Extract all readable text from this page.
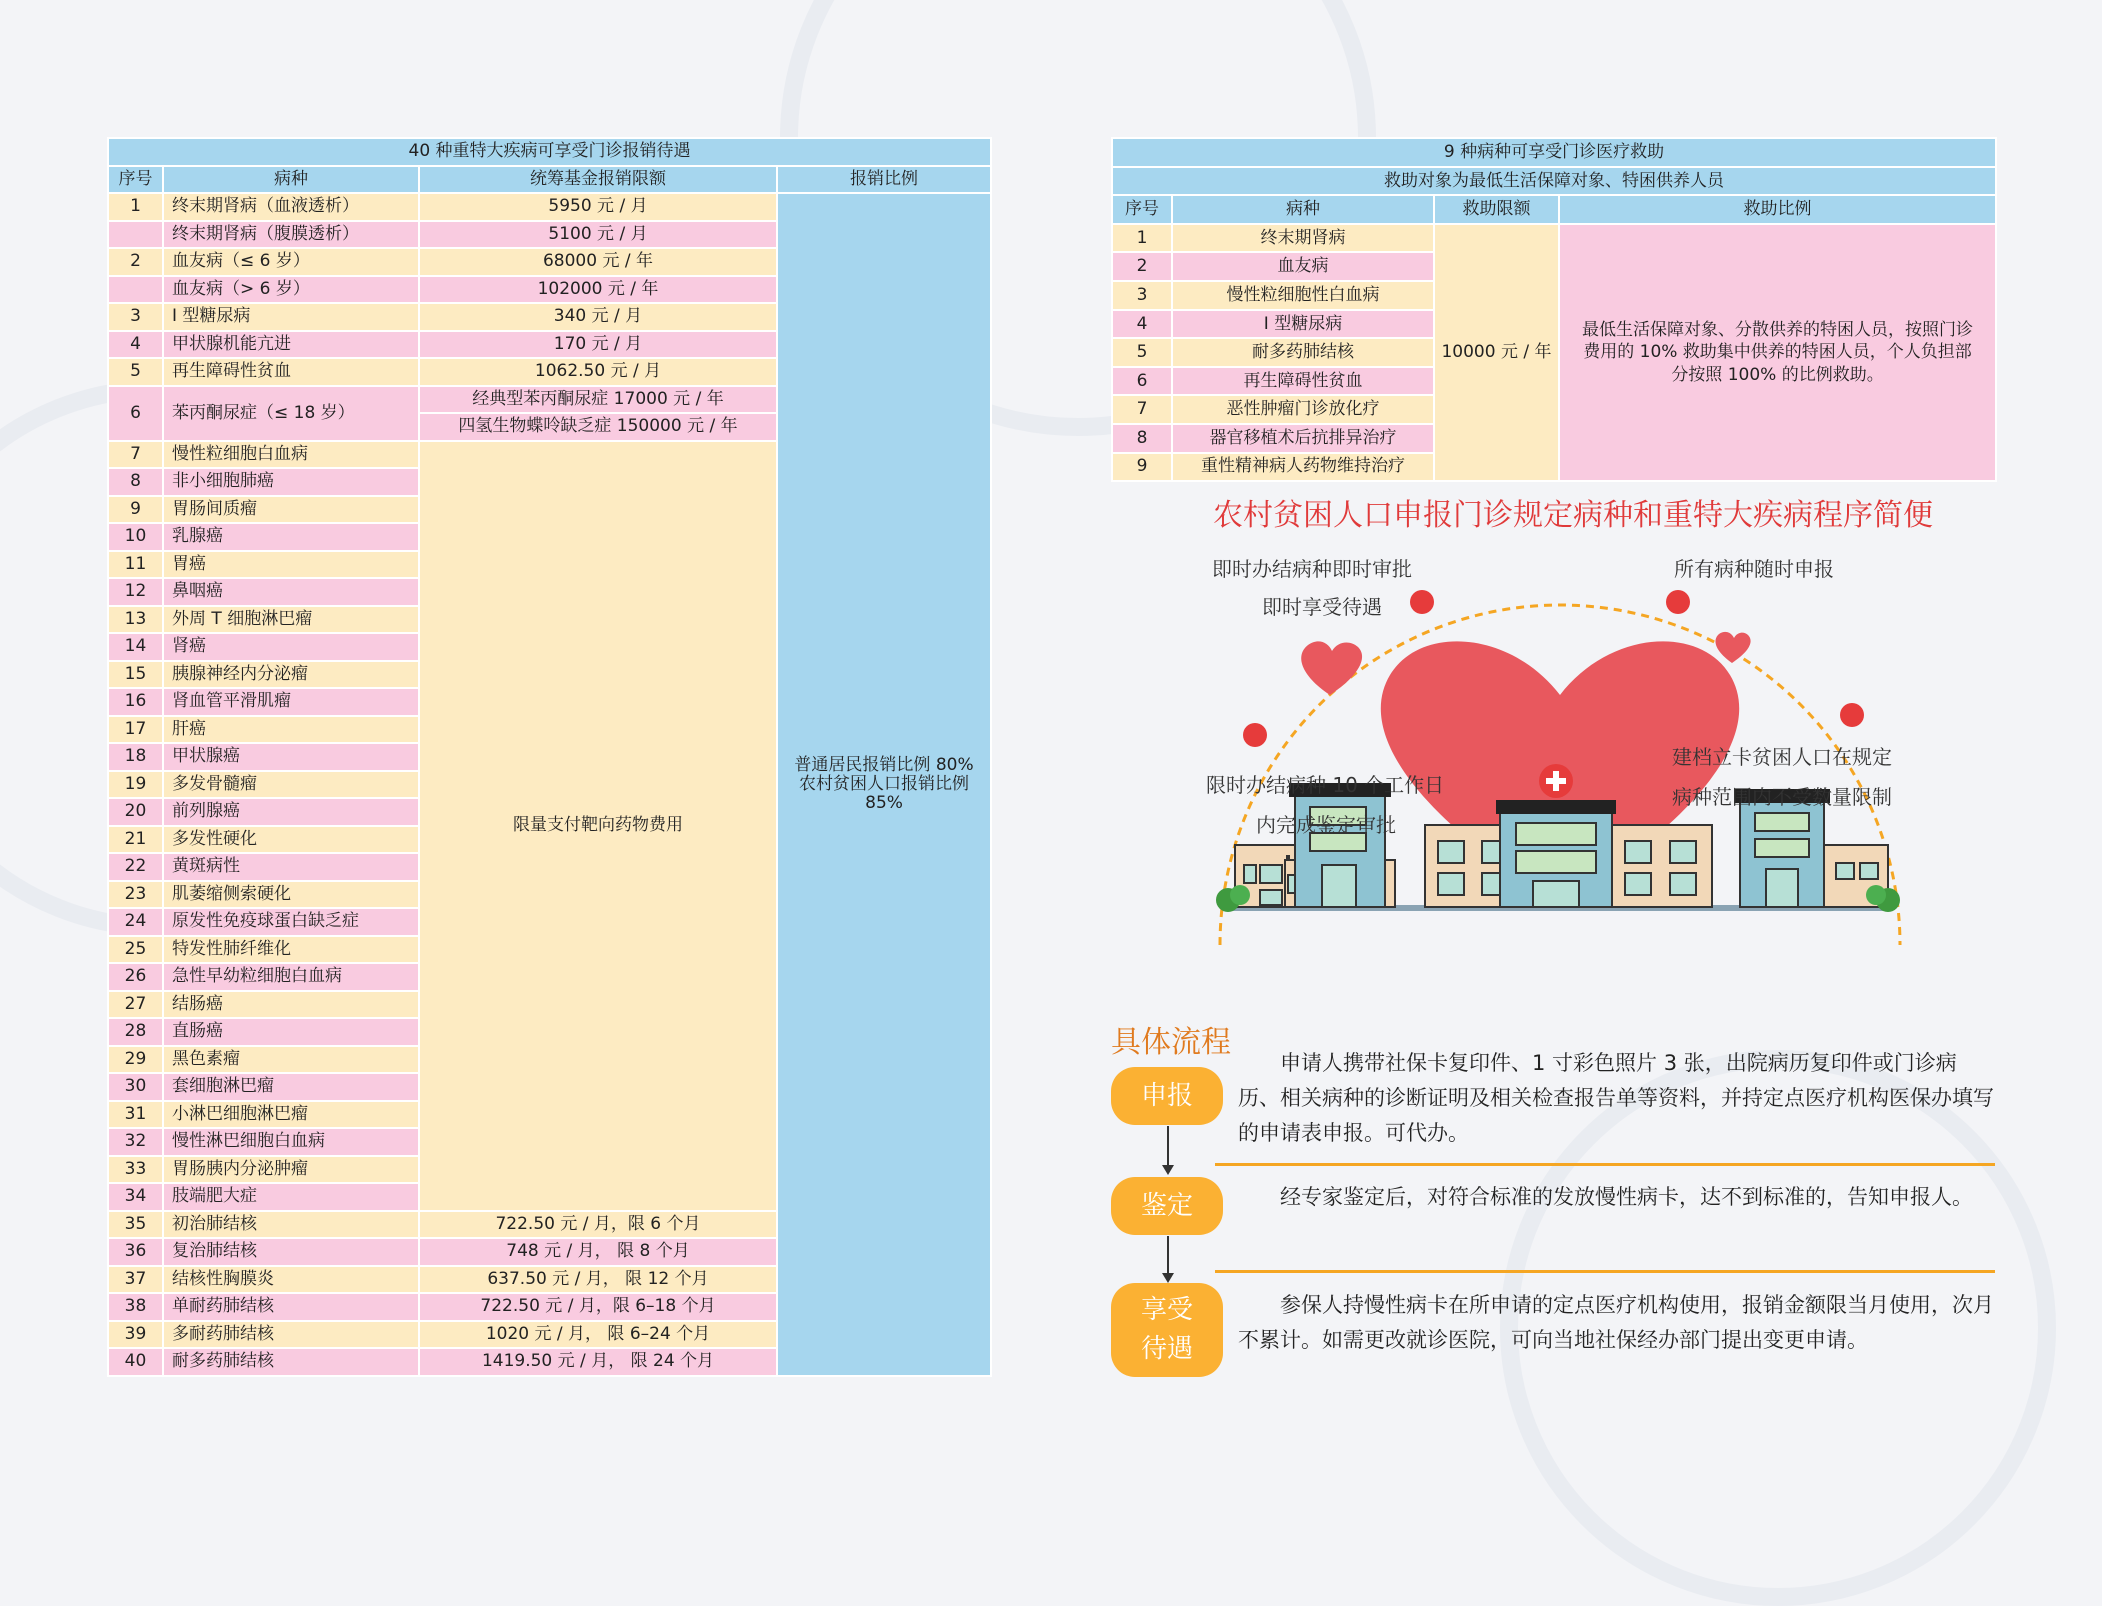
40 种重特大疾病可享受门诊报销待遇			
序号	病种	统筹基金报销限额	报销比例
1	终末期肾病（血液透析）	5950 元 / 月	普通居民报销比例 80% 农村贫困人口报销比例 85%
	终末期肾病（腹膜透析）	5100 元 / 月	
2	血友病（≤ 6 岁）	68000 元 / 年	
	血友病（> 6 岁）	102000 元 / 年	
3	Ⅰ 型糖尿病	340 元 / 月	
4	甲状腺机能亢进	170 元 / 月	
5	再生障碍性贫血	1062.50 元 / 月	
6	苯丙酮尿症（≤ 18 岁）	经典型苯丙酮尿症 17000 元 / 年	
		四氢生物蝶呤缺乏症 150000 元 / 年	
7	慢性粒细胞白血病	限量支付靶向药物费用	
8	非小细胞肺癌		
9	胃肠间质瘤		
10	乳腺癌		
11	胃癌		
12	鼻咽癌		
13	外周 T 细胞淋巴瘤		
14	肾癌		
15	胰腺神经内分泌瘤		
16	肾血管平滑肌瘤		
17	肝癌		
18	甲状腺癌		
19	多发骨髓瘤		
20	前列腺癌		
21	多发性硬化		
22	黄斑病性		
23	肌萎缩侧索硬化		
24	原发性免疫球蛋白缺乏症		
25	特发性肺纤维化		
26	急性早幼粒细胞白血病		
27	结肠癌		
28	直肠癌		
29	黑色素瘤		
30	套细胞淋巴瘤		
31	小淋巴细胞淋巴瘤		
32	慢性淋巴细胞白血病		
33	胃肠胰内分泌肿瘤		
34	肢端肥大症		
35	初治肺结核	722.50 元 / 月，限 6 个月	
36	复治肺结核	748 元 / 月， 限 8 个月	
37	结核性胸膜炎	637.50 元 / 月， 限 12 个月	
38	单耐药肺结核	722.50 元 / 月，限 6–18 个月	
39	多耐药肺结核	1020 元 / 月， 限 6–24 个月	
40	耐多药肺结核	1419.50 元 / 月， 限 24 个月	
9 种病种可享受门诊医疗救助			
救助对象为最低生活保障对象、特困供养人员			
序号	病种	救助限额	救助比例
1	终末期肾病	10000 元 / 年	最低生活保障对象、分散供养的特困人员，按照门诊费用的 10% 救助集中供养的特困人员，个人负担部分按照 100% 的比例救助。
2	血友病		
3	慢性粒细胞性白血病		
4	Ⅰ 型糖尿病		
5	耐多药肺结核		
6	再生障碍性贫血		
7	恶性肿瘤门诊放化疗		
8	器官移植术后抗排异治疗		
9	重性精神病人药物维持治疗		
农村贫困人口申报门诊规定病种和重特大疾病程序简便
即时办结病种即时审批
即时享受待遇
所有病种随时申报
限时办结病种 10 个工作日
内完成鉴定审批
建档立卡贫困人口在规定
病种范围内不受数量限制
具体流程
申报
申请人携带社保卡复印件、1 寸彩色照片 3 张，出院病历复印件或门诊病历、相关病种的诊断证明及相关检查报告单等资料，并持定点医疗机构医保办填写的申请表申报。可代办。
鉴定	经专家鉴定后，对符合标准的发放慢性病卡，达不到标准的，告知申报人。
享受待遇
参保人持慢性病卡在所申请的定点医疗机构使用，报销金额限当月使用，次月不累计。如需更改就诊医院，可向当地社保经办部门提出变更申请。
